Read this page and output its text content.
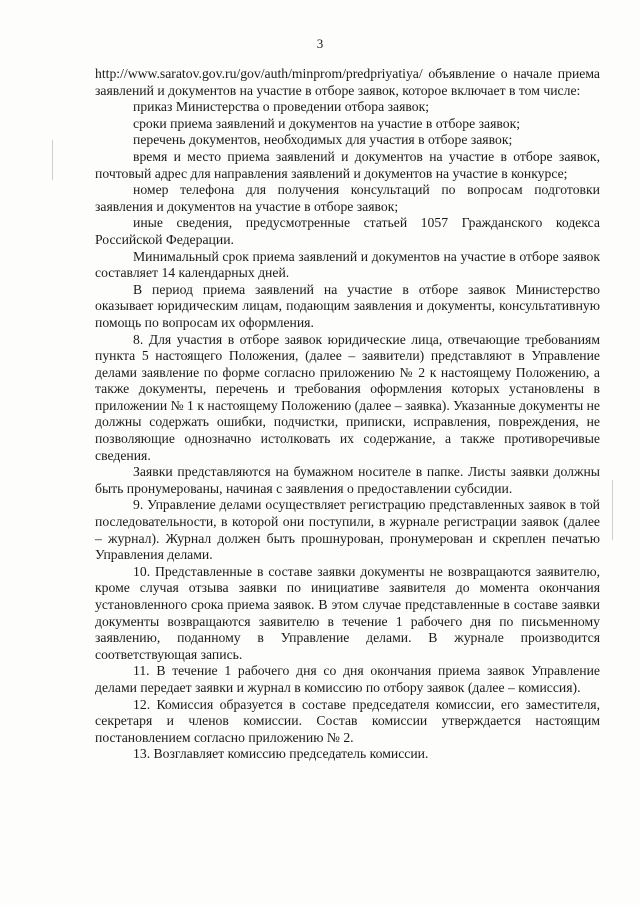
3

http://www.saratov.gov.ru/gov/auth/minprom/predpriyatiya/ объявление о начале приема заявлений и документов на участие в отборе заявок, которое включает в том числе:

приказ Министерства о проведении отбора заявок;

сроки приема заявлений и документов на участие в отборе заявок;

перечень документов, необходимых для участия в отборе заявок;

время и место приема заявлений и документов на участие в отборе заявок, почтовый адрес для направления заявлений и документов на участие в конкурсе;

номер телефона для получения консультаций по вопросам подготовки заявления и документов на участие в отборе заявок;

иные сведения, предусмотренные статьей 1057 Гражданского кодекса Российской Федерации.

Минимальный срок приема заявлений и документов на участие в отборе заявок составляет 14 календарных дней.

В период приема заявлений на участие в отборе заявок Министерство оказывает юридическим лицам, подающим заявления и документы, консультативную помощь по вопросам их оформления.

8. Для участия в отборе заявок юридические лица, отвечающие требованиям пункта 5 настоящего Положения, (далее – заявители) представляют в Управление делами заявление по форме согласно приложению № 2 к настоящему Положению, а также документы, перечень и требования оформления которых установлены в приложении № 1 к настоящему Положению (далее – заявка). Указанные документы не должны содержать ошибки, подчистки, приписки, исправления, повреждения, не позволяющие однозначно истолковать их содержание, а также противоречивые сведения.

Заявки представляются на бумажном носителе в папке. Листы заявки должны быть пронумерованы, начиная с заявления о предоставлении субсидии.

9. Управление делами осуществляет регистрацию представленных заявок в той последовательности, в которой они поступили, в журнале регистрации заявок (далее – журнал). Журнал должен быть прошнурован, пронумерован и скреплен печатью Управления делами.

10. Представленные в составе заявки документы не возвращаются заявителю, кроме случая отзыва заявки по инициативе заявителя до момента окончания установленного срока приема заявок. В этом случае представленные в составе заявки документы возвращаются заявителю в течение 1 рабочего дня по письменному заявлению, поданному в Управление делами. В журнале производится соответствующая запись.

11. В течение 1 рабочего дня со дня окончания приема заявок Управление делами передает заявки и журнал в комиссию по отбору заявок (далее – комиссия).

12. Комиссия образуется в составе председателя комиссии, его заместителя, секретаря и членов комиссии. Состав комиссии утверждается настоящим постановлением согласно приложению № 2.

13. Возглавляет комиссию председатель комиссии.
